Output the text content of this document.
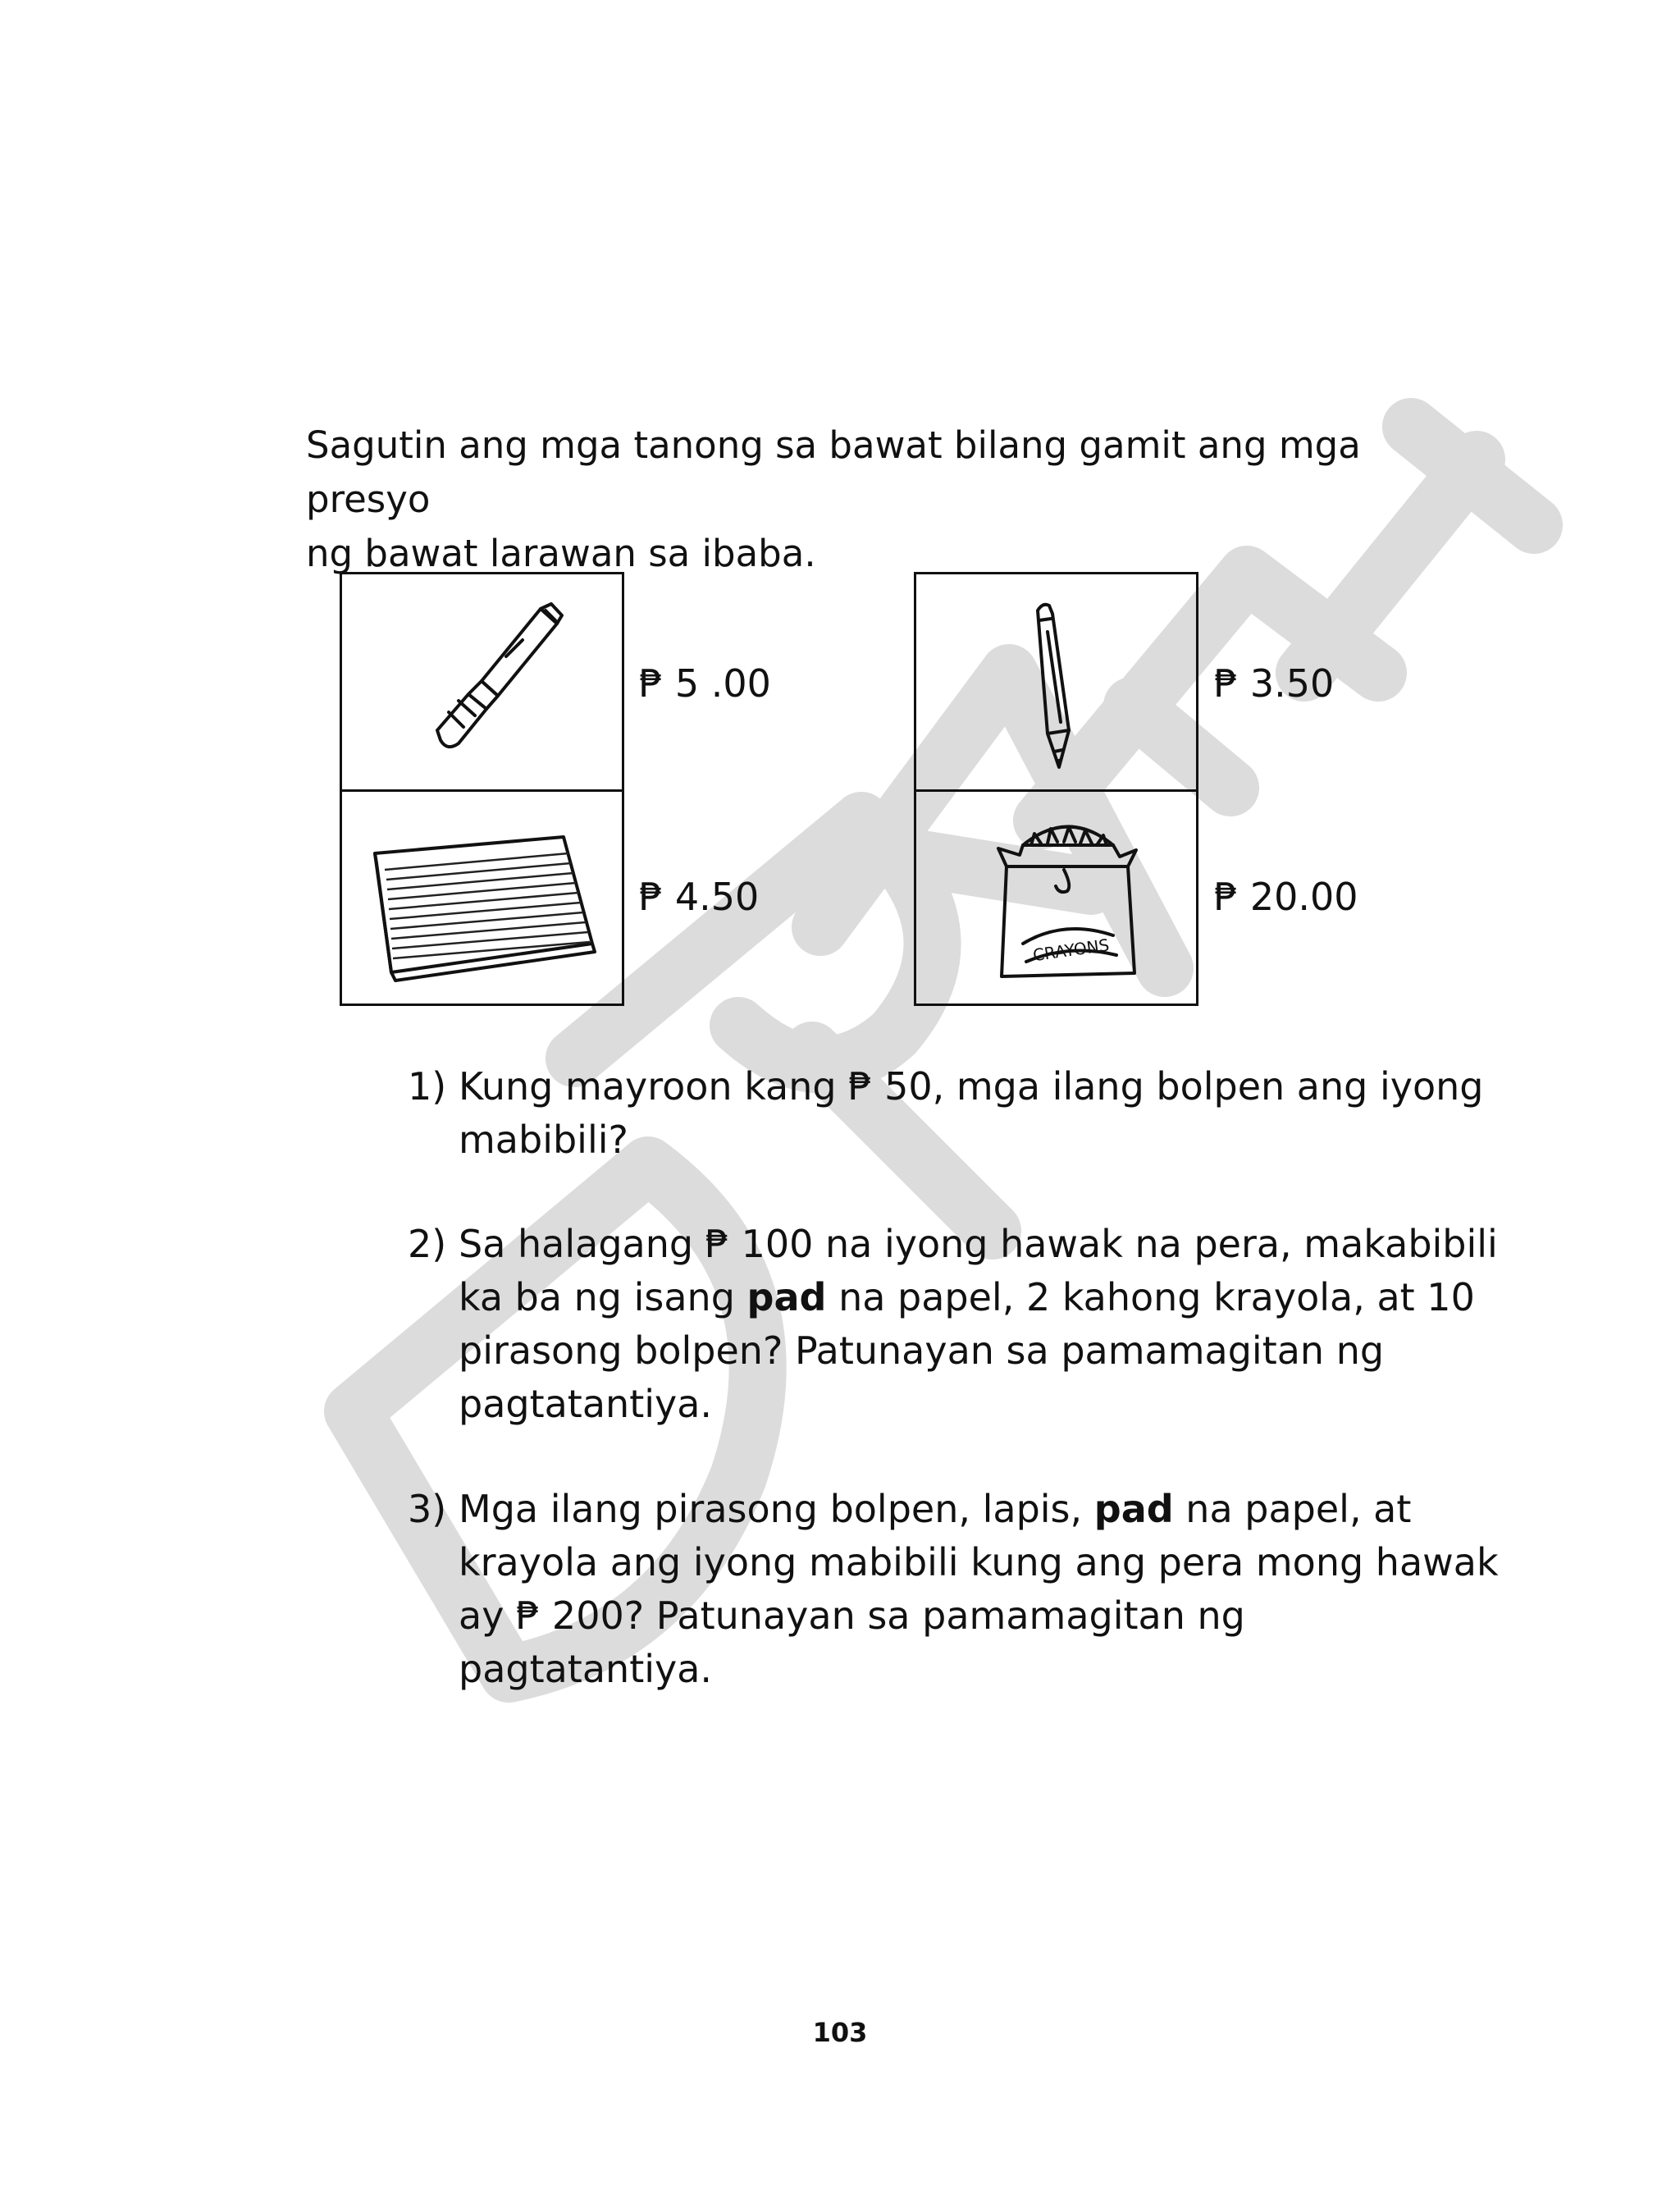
Sagutin ang mga tanong sa bawat bilang gamit ang mga presyo
ng bawat larawan sa ibaba.

₱ 5 .00
₱ 4.50
CRAYONS
₱ 3.50
₱ 20.00
1) Kung mayroon kang ₱ 50, mga ilang bolpen ang iyong mabibili?
2) Sa halagang ₱ 100 na iyong hawak na pera, makabibili ka ba ng isang pad na papel, 2 kahong krayola, at 10 pirasong bolpen? Patunayan sa pamamagitan ng pagtatantiya.
3) Mga ilang pirasong bolpen, lapis, pad na papel, at krayola ang iyong mabibili kung ang pera mong hawak ay ₱ 200? Patunayan sa pamamagitan ng pagtatantiya.
103
